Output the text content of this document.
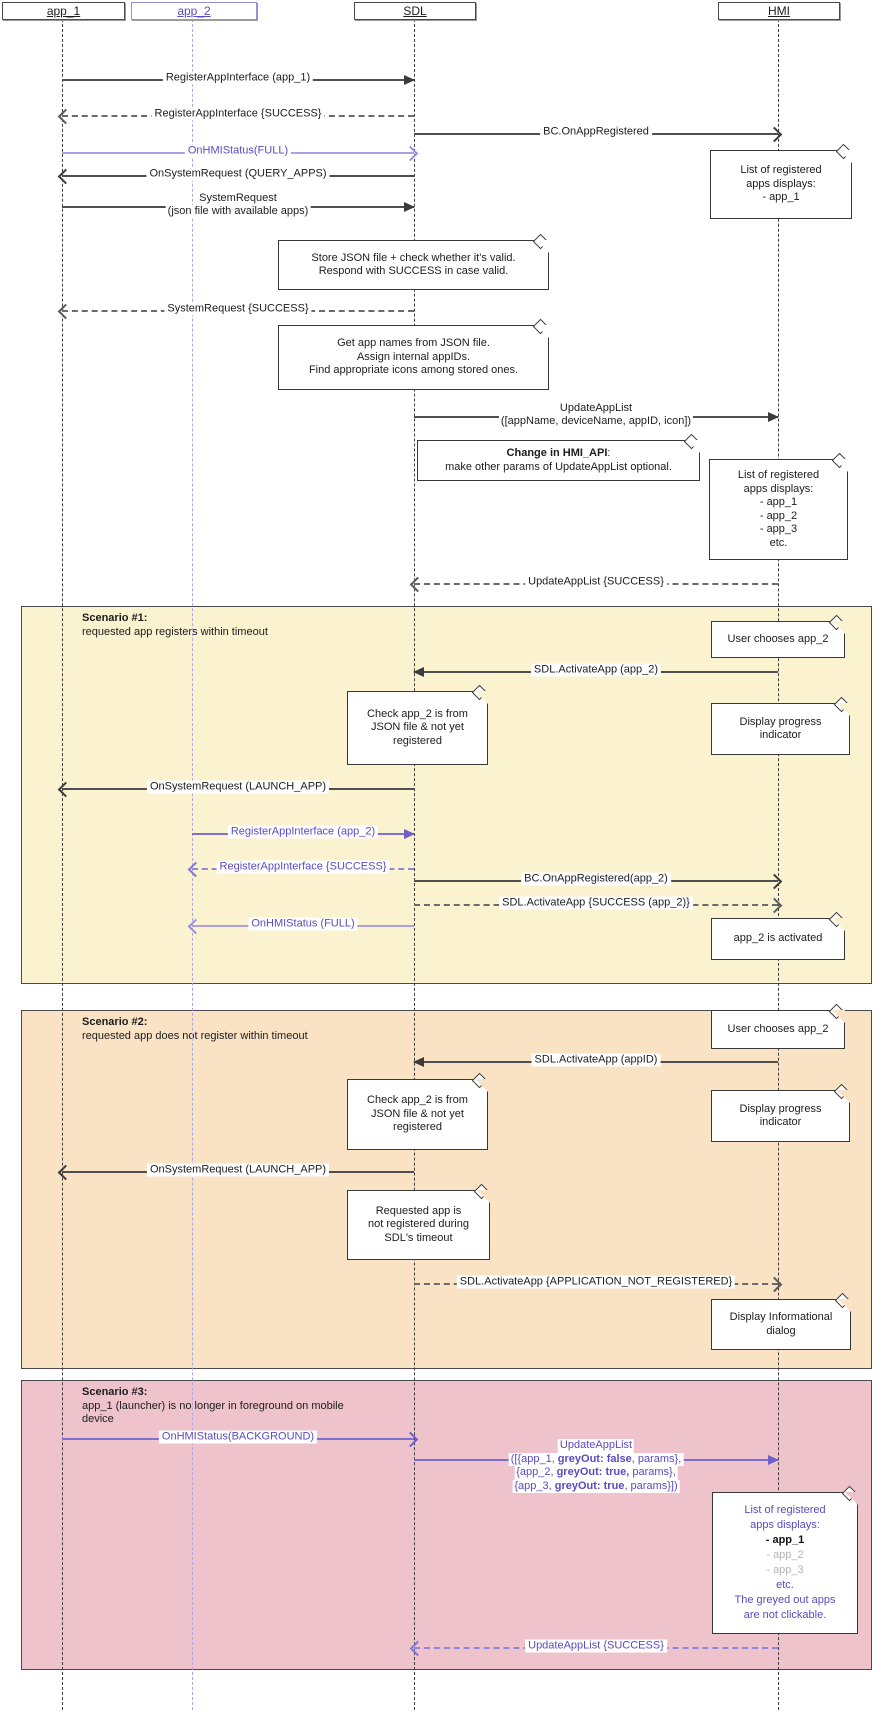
Scenario #1:
requested app registers within timeout
Scenario #2:
requested app does not register within timeout
Scenario #3:
app_1 (launcher) is no longer in foreground on mobile device
app_1	app_2	SDL	HMI
RegisterAppInterface (app_1)
RegisterAppInterface {SUCCESS}
BC.OnAppRegistered
OnHMIStatus(FULL)
OnSystemRequest (QUERY_APPS)
SystemRequest
(json file with available apps)
SystemRequest {SUCCESS}
UpdateAppList
([appName, deviceName, appID, icon])
UpdateAppList {SUCCESS}
SDL.ActivateApp (app_2)
OnSystemRequest (LAUNCH_APP)
RegisterAppInterface (app_2)
RegisterAppInterface {SUCCESS}
BC.OnAppRegistered(app_2)
SDL.ActivateApp {SUCCESS (app_2)}
OnHMIStatus (FULL)
SDL.ActivateApp (appID)
OnSystemRequest (LAUNCH_APP)
SDL.ActivateApp {APPLICATION_NOT_REGISTERED}
OnHMIStatus(BACKGROUND)
UpdateAppList
([{app_1, greyOut: false, params},
{app_2, greyOut: true, params},
{app_3, greyOut: true, params}])
UpdateAppList {SUCCESS}
List of registered
apps displays:
- app_1
Store JSON file + check whether it's valid.
Respond with SUCCESS in case valid.
Get app names from JSON file.
Assign internal appIDs.
Find appropriate icons among stored ones.
Change in HMI_API:
make other params of UpdateAppList optional.
List of registered
apps displays:
- app_1
- app_2
- app_3
etc.
User chooses app_2
Check app_2 is from
JSON file & not yet
registered
Display progress
indicator
app_2 is activated
User chooses app_2
Check app_2 is from
JSON file & not yet
registered
Display progress
indicator
Requested app is
not registered during
SDL's timeout
Display Informational
dialog
List of registered
apps displays:
- app_1
- app_2
- app_3
etc.
The greyed out apps
are not clickable.
